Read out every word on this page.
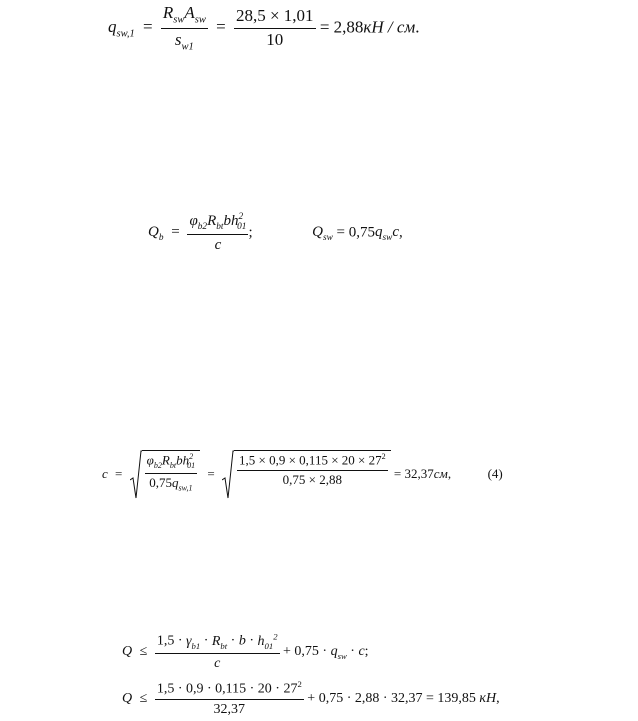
$q_{sw,1} = \frac{R_{sw}A_{sw}}{s_{w1}} = \frac{28,5 \times 1,01}{10} = 2,88кН$ / см.
$Q_b = \frac{\varphi_{b2}R_{bt}bh^2_{01}}{c}$ ;	$Q_{sw} = 0,75q_{sw}c$,
$c = \frac{\varphi_{b2}R_{bt}bh^2_{01}}{0,75q_{sw,1}} = \frac{1,5 \times 0,9 \times 0,115 \times 20 \times 27^2}{0,75 \times 2,88} = 32,37см$,	(4)
$Q \le \frac{1,5 \cdot \gamma_{b1} \cdot R_{bt} \cdot b \cdot h_{01}^2}{c} + 0,75 \cdot q_{sw} \cdot c$;
$Q \le \frac{1,5 \cdot 0,9 \cdot 0,115 \cdot 20 \cdot 27^2}{32,37} + 0,75 \cdot 2,88 \cdot 32,37 = 139,85$ кН,
